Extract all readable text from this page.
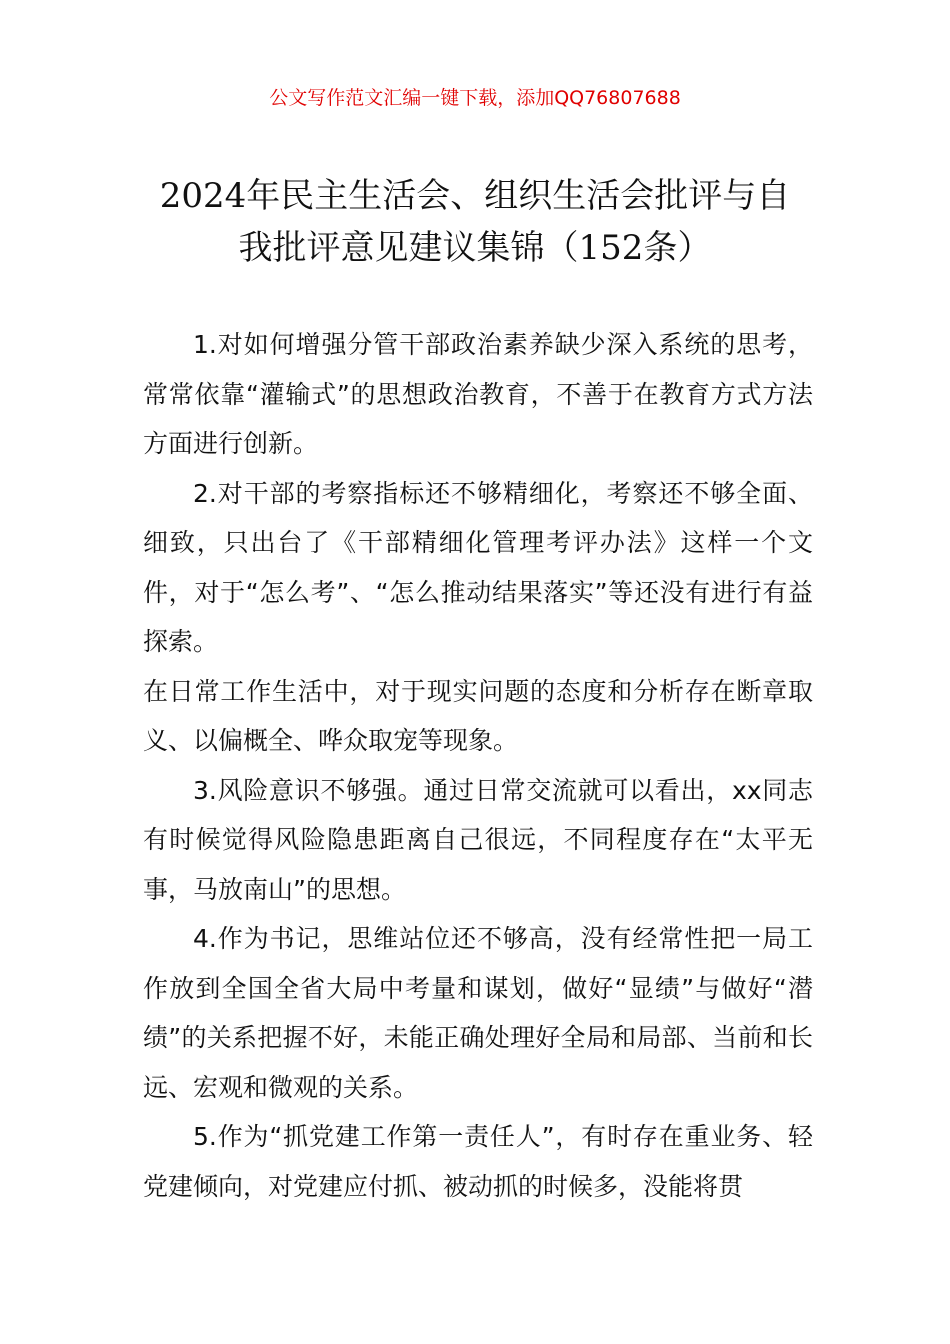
公文写作范文汇编一键下载，添加QQ76807688
2024年民主生活会、组织生活会批评与自
我批评意见建议集锦（152条）

1.对如何增强分管干部政治素养缺少深入系统的思考，常常依靠“灌输式”的思想政治教育，不善于在教育方式方法方面进行创新。

2.对干部的考察指标还不够精细化，考察还不够全面、细致，只出台了《干部精细化管理考评办法》这样一个文件，对于“怎么考”、“怎么推动结果落实”等还没有进行有益探索。

在日常工作生活中，对于现实问题的态度和分析存在断章取义、以偏概全、哗众取宠等现象。

3.风险意识不够强。通过日常交流就可以看出，xx同志有时候觉得风险隐患距离自己很远，不同程度存在“太平无事，马放南山”的思想。

4.作为书记，思维站位还不够高，没有经常性把一局工作放到全国全省大局中考量和谋划，做好“显绩”与做好“潜绩”的关系把握不好，未能正确处理好全局和局部、当前和长远、宏观和微观的关系。

5.作为“抓党建工作第一责任人”，有时存在重业务、轻党建倾向，对党建应付抓、被动抓的时候多，没能将贯
